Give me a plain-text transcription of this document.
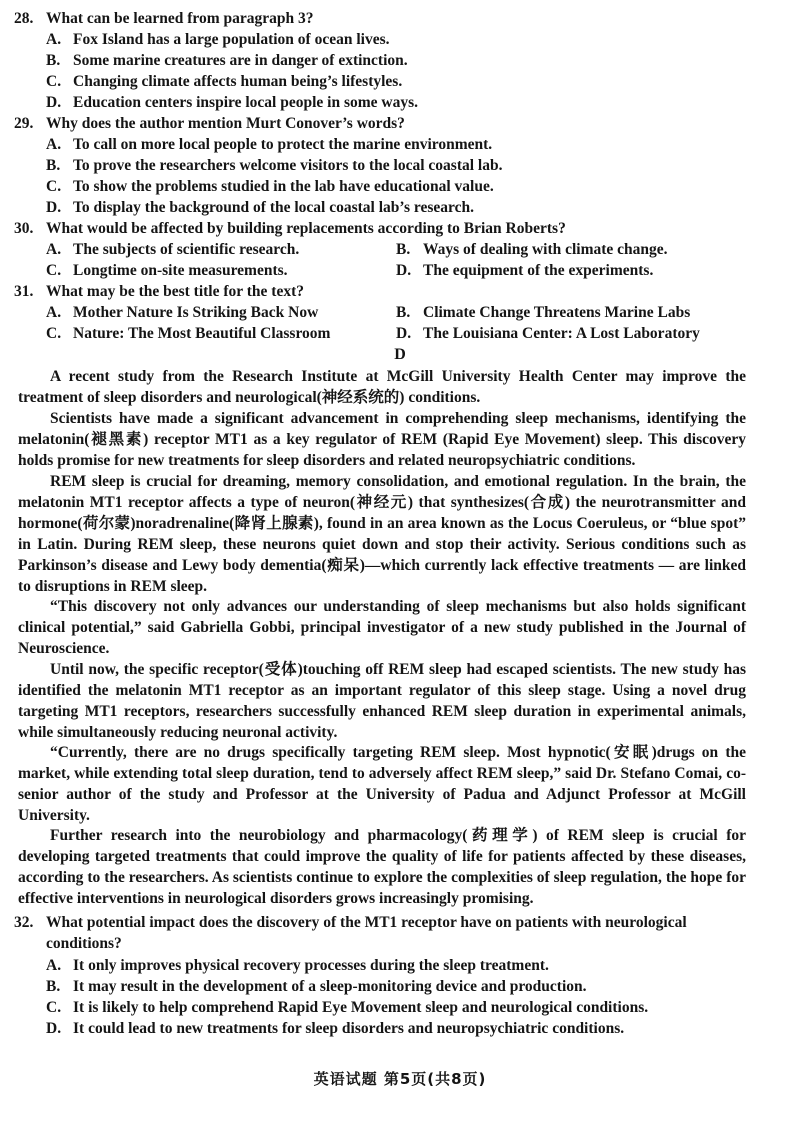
28. What can be learned from paragraph 3?
A. Fox Island has a large population of ocean lives.
B. Some marine creatures are in danger of extinction.
C. Changing climate affects human being’s lifestyles.
D. Education centers inspire local people in some ways.
29. Why does the author mention Murt Conover’s words?
A. To call on more local people to protect the marine environment.
B. To prove the researchers welcome visitors to the local coastal lab.
C. To show the problems studied in the lab have educational value.
D. To display the background of the local coastal lab’s research.
30. What would be affected by building replacements according to Brian Roberts?
A. The subjects of scientific research.	B. Ways of dealing with climate change.
C. Longtime on-site measurements.	D. The equipment of the experiments.
31. What may be the best title for the text?
A. Mother Nature Is Striking Back Now	B. Climate Change Threatens Marine Labs
C. Nature: The Most Beautiful Classroom	D. The Louisiana Center: A Lost Laboratory
D

A recent study from the Research Institute at McGill University Health Center may improve the treatment of sleep disorders and neurological(神经系统的) conditions.

Scientists have made a significant advancement in comprehending sleep mechanisms, identifying the melatonin(褪黑素) receptor MT1 as a key regulator of REM (Rapid Eye Movement) sleep. This discovery holds promise for new treatments for sleep disorders and related neuropsychiatric conditions.

REM sleep is crucial for dreaming, memory consolidation, and emotional regulation. In the brain, the melatonin MT1 receptor affects a type of neuron(神经元) that synthesizes(合成) the neurotransmitter and hormone(荷尔蒙)noradrenaline(降肾上腺素), found in an area known as the Locus Coeruleus, or “blue spot” in Latin. During REM sleep, these neurons quiet down and stop their activity. Serious conditions such as Parkinson’s disease and Lewy body dementia(痴呆)—which currently lack effective treatments — are linked to disruptions in REM sleep.

“This discovery not only advances our understanding of sleep mechanisms but also holds significant clinical potential,” said Gabriella Gobbi, principal investigator of a new study published in the Journal of Neuroscience.

Until now, the specific receptor(受体)touching off REM sleep had escaped scientists. The new study has identified the melatonin MT1 receptor as an important regulator of this sleep stage. Using a novel drug targeting MT1 receptors, researchers successfully enhanced REM sleep duration in experimental animals, while simultaneously reducing neuronal activity.

“Currently, there are no drugs specifically targeting REM sleep. Most hypnotic(安眠)drugs on the market, while extending total sleep duration, tend to adversely affect REM sleep,” said Dr. Stefano Comai, co-senior author of the study and Professor at the University of Padua and Adjunct Professor at McGill University.

Further research into the neurobiology and pharmacology(药理学) of REM sleep is crucial for developing targeted treatments that could improve the quality of life for patients affected by these diseases, according to the researchers. As scientists continue to explore the complexities of sleep regulation, the hope for effective interventions in neurological disorders grows increasingly promising.

32. What potential impact does the discovery of the MT1 receptor have on patients with neurological conditions?
A. It only improves physical recovery processes during the sleep treatment.
B. It may result in the development of a sleep-monitoring device and production.
C. It is likely to help comprehend Rapid Eye Movement sleep and neurological conditions.
D. It could lead to new treatments for sleep disorders and neuropsychiatric conditions.
英语试题 第5页(共8页)
